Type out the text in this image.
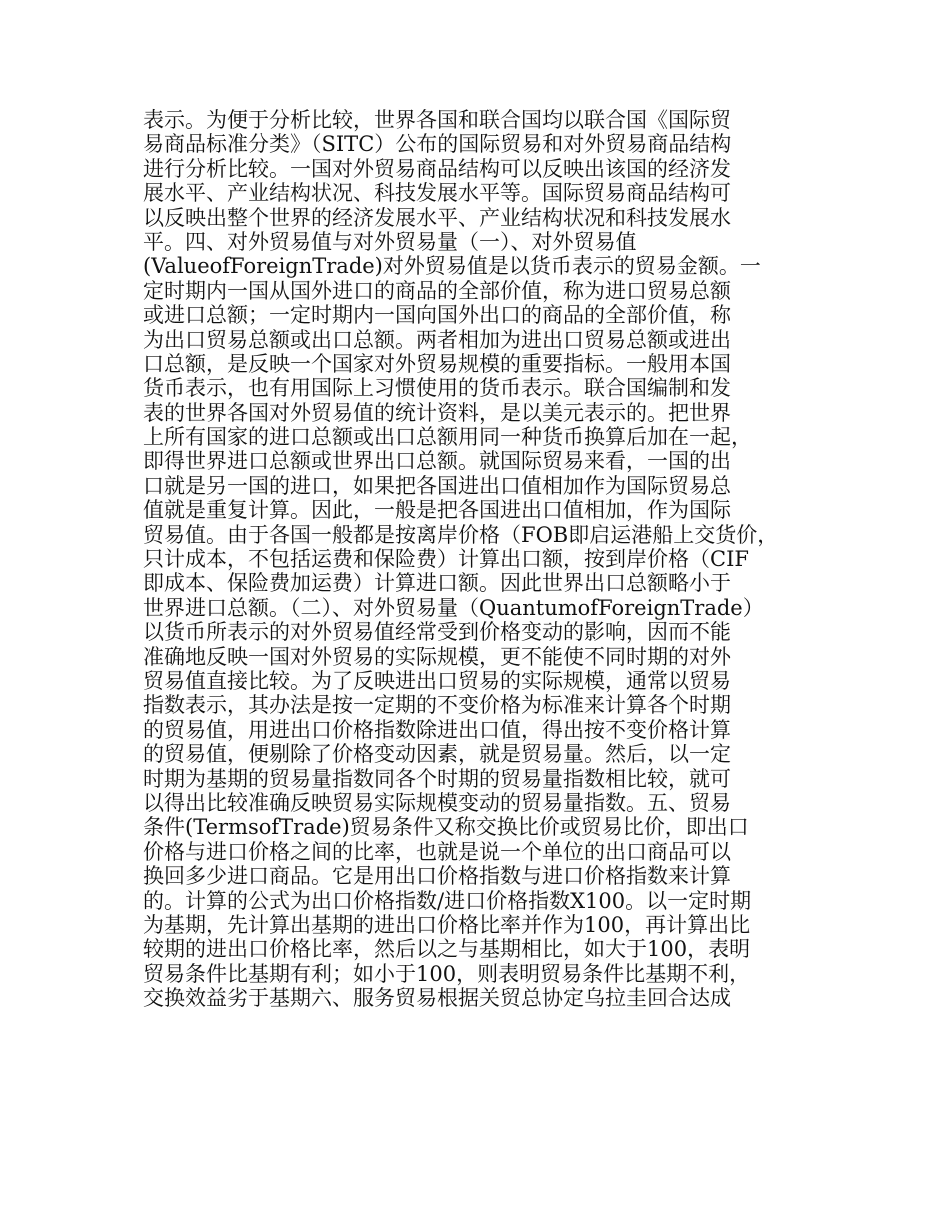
表示。为便于分析比较，世界各国和联合国均以联合国《国际贸
易商品标准分类》（SITC）公布的国际贸易和对外贸易商品结构
进行分析比较。一国对外贸易商品结构可以反映出该国的经济发
展水平、产业结构状况、科技发展水平等。国际贸易商品结构可
以反映出整个世界的经济发展水平、产业结构状况和科技发展水
平。四、对外贸易值与对外贸易量（一）、对外贸易值
(ValueofForeignTrade)对外贸易值是以货币表示的贸易金额。一
定时期内一国从国外进口的商品的全部价值，称为进口贸易总额
或进口总额；一定时期内一国向国外出口的商品的全部价值，称
为出口贸易总额或出口总额。两者相加为进出口贸易总额或进出
口总额，是反映一个国家对外贸易规模的重要指标。一般用本国
货币表示，也有用国际上习惯使用的货币表示。联合国编制和发
表的世界各国对外贸易值的统计资料，是以美元表示的。把世界
上所有国家的进口总额或出口总额用同一种货币换算后加在一起，
即得世界进口总额或世界出口总额。就国际贸易来看，一国的出
口就是另一国的进口，如果把各国进出口值相加作为国际贸易总
值就是重复计算。因此，一般是把各国进出口值相加，作为国际
贸易值。由于各国一般都是按离岸价格（FOB即启运港船上交货价，
只计成本，不包括运费和保险费）计算出口额，按到岸价格（CIF
即成本、保险费加运费）计算进口额。因此世界出口总额略小于
世界进口总额。（二）、对外贸易量（QuantumofForeignTrade）
以货币所表示的对外贸易值经常受到价格变动的影响，因而不能
准确地反映一国对外贸易的实际规模，更不能使不同时期的对外
贸易值直接比较。为了反映进出口贸易的实际规模，通常以贸易
指数表示，其办法是按一定期的不变价格为标准来计算各个时期
的贸易值，用进出口价格指数除进出口值，得出按不变价格计算
的贸易值，便剔除了价格变动因素，就是贸易量。然后，以一定
时期为基期的贸易量指数同各个时期的贸易量指数相比较，就可
以得出比较准确反映贸易实际规模变动的贸易量指数。五、贸易
条件(TermsofTrade)贸易条件又称交换比价或贸易比价，即出口
价格与进口价格之间的比率，也就是说一个单位的出口商品可以
换回多少进口商品。它是用出口价格指数与进口价格指数来计算
的。计算的公式为出口价格指数/进口价格指数X100。以一定时期
为基期，先计算出基期的进出口价格比率并作为100，再计算出比
较期的进出口价格比率，然后以之与基期相比，如大于100，表明
贸易条件比基期有利；如小于100，则表明贸易条件比基期不利，
交换效益劣于基期六、服务贸易根据关贸总协定乌拉圭回合达成
